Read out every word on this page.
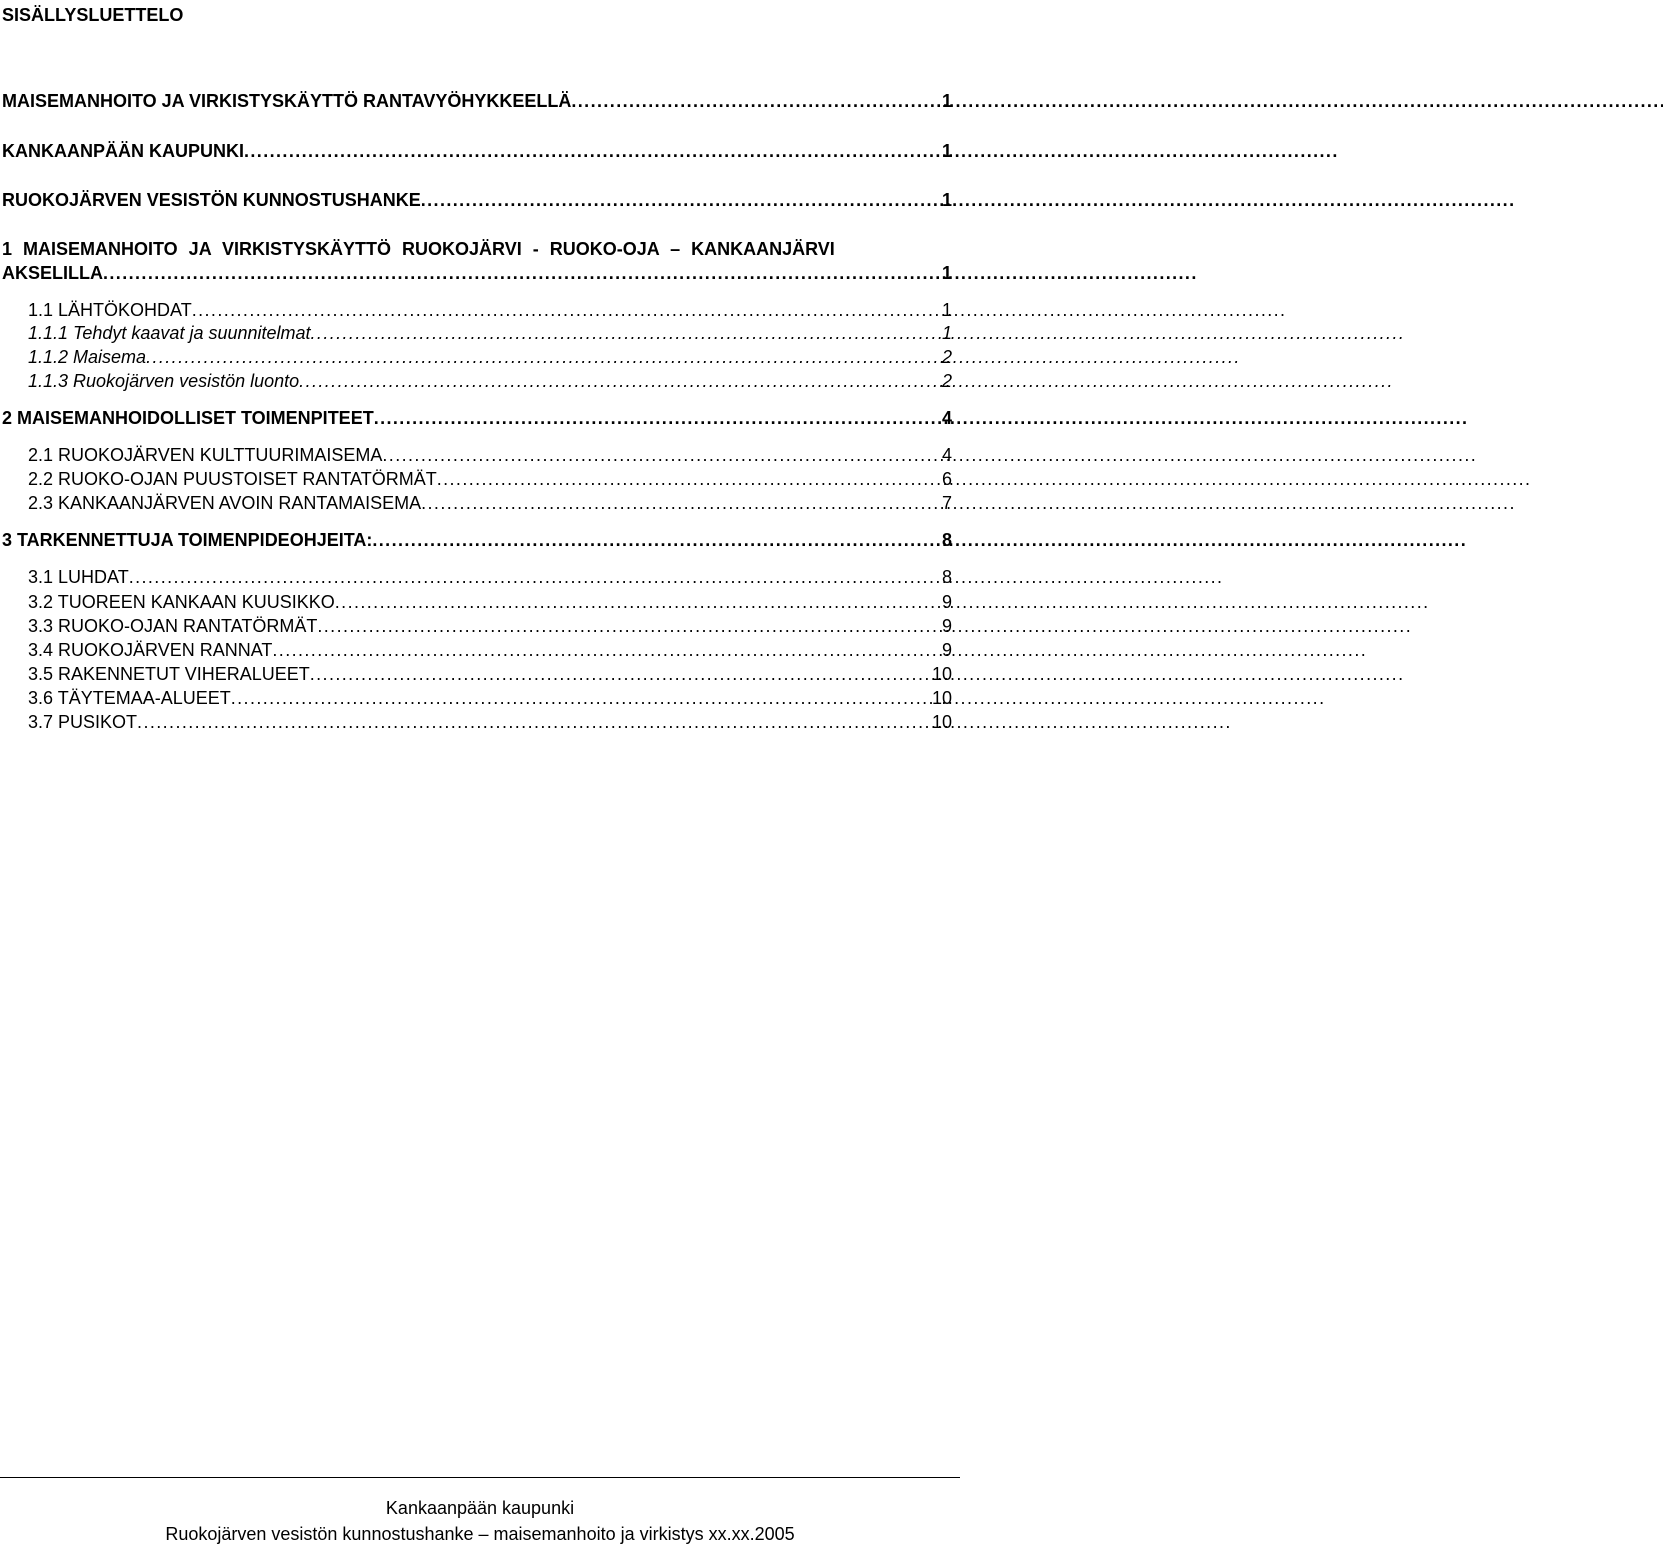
SISÄLLYSLUETTELO
MAISEMANHOITO JA VIRKISTYSKÄYTTÖ RANTAVYÖHYKKEELLÄ . . .	1
KANKAANPÄÄN KAUPUNKI . . .	1
RUOKOJÄRVEN VESISTÖN KUNNOSTUSHANKE . . .	1
1 MAISEMANHOITO JA VIRKISTYSKÄYTTÖ RUOKOJÄRVI - RUOKO-OJA – KANKAANJÄRVI
AKSELILLA . . .	1
1.1 LÄHTÖKOHDAT . . .	1
1.1.1 Tehdyt kaavat ja suunnitelmat . . .	1
1.1.2 Maisema . . .	2
1.1.3 Ruokojärven vesistön luonto . . .	2
2 MAISEMANHOIDOLLISET TOIMENPITEET . . .	4
2.1 RUOKOJÄRVEN KULTTUURIMAISEMA . . .	4
2.2 RUOKO-OJAN PUUSTOISET RANTATÖRMÄT . . .	6
2.3 KANKAANJÄRVEN AVOIN RANTAMAISEMA . . .	7
3 TARKENNETTUJA TOIMENPIDEOHJEITA: . . .	8
3.1 LUHDAT . . .	8
3.2 TUOREEN KANKAAN KUUSIKKO . . .	9
3.3 RUOKO-OJAN RANTATÖRMÄT . . .	9
3.4 RUOKOJÄRVEN RANNAT . . .	9
3.5 RAKENNETUT VIHERALUEET . . .	10
3.6 TÄYTEMAA-ALUEET . . .	10
3.7 PUSIKOT . . .	10
Kankaanpään kaupunki
Ruokojärven vesistön kunnostushanke – maisemanhoito ja virkistys xx.xx.2005
